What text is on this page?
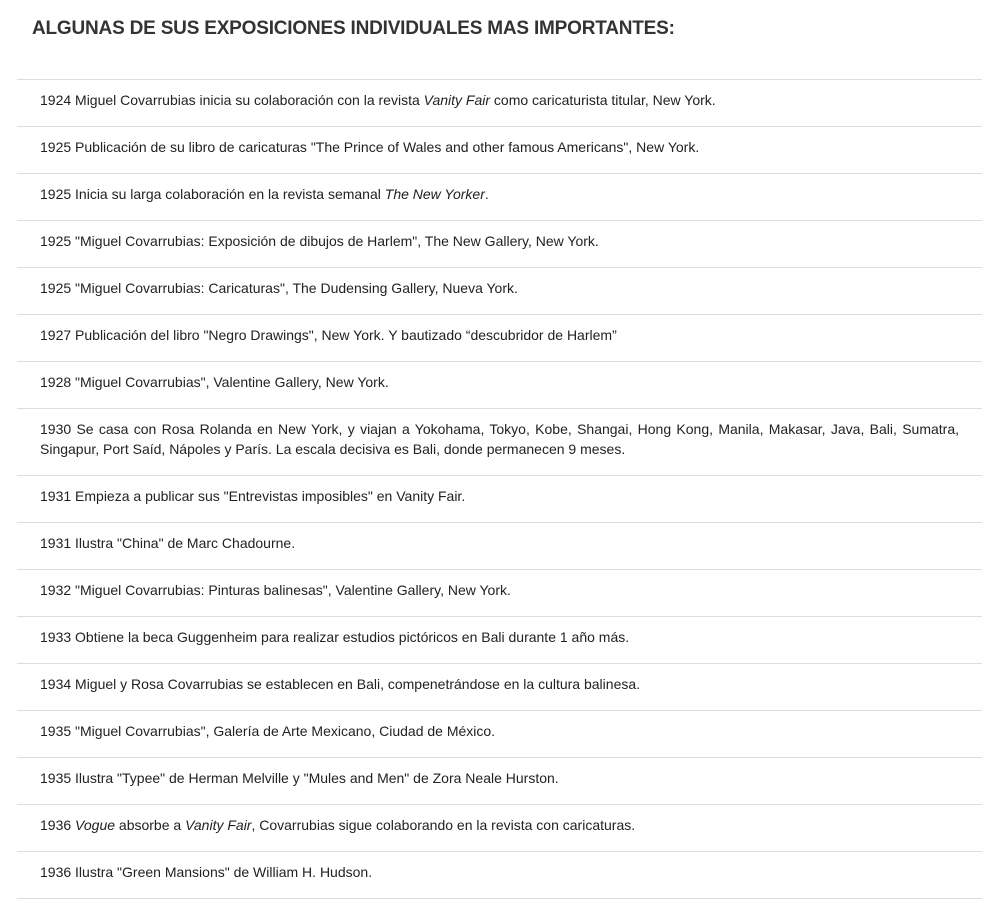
ALGUNAS DE SUS EXPOSICIONES INDIVIDUALES MAS IMPORTANTES:
1924 Miguel Covarrubias inicia su colaboración con la revista Vanity Fair como caricaturista titular, New York.
1925 Publicación de su libro de caricaturas "The Prince of Wales and other famous Americans", New York.
1925 Inicia su larga colaboración en la revista semanal The New Yorker.
1925 "Miguel Covarrubias: Exposición de dibujos de Harlem", The New Gallery, New York.
1925 "Miguel Covarrubias: Caricaturas", The Dudensing Gallery, Nueva York.
1927 Publicación del libro "Negro Drawings", New York. Y bautizado “descubridor de Harlem”
1928 "Miguel Covarrubias", Valentine Gallery, New York.
1930 Se casa con Rosa Rolanda en New York, y viajan a Yokohama, Tokyo, Kobe, Shangai, Hong Kong, Manila, Makasar, Java, Bali, Sumatra, Singapur, Port Saíd, Nápoles y París. La escala decisiva es Bali, donde permanecen 9 meses.
1931 Empieza a publicar sus "Entrevistas imposibles" en Vanity Fair.
1931 Ilustra "China" de Marc Chadourne.
1932 "Miguel Covarrubias: Pinturas balinesas", Valentine Gallery, New York.
1933 Obtiene la beca Guggenheim para realizar estudios pictóricos en Bali durante 1 año más.
1934 Miguel y Rosa Covarrubias se establecen en Bali, compenetrándose en la cultura balinesa.
1935 "Miguel Covarrubias", Galería de Arte Mexicano, Ciudad de México.
1935 Ilustra "Typee" de Herman Melville y "Mules and Men" de Zora Neale Hurston.
1936 Vogue absorbe a Vanity Fair, Covarrubias sigue colaborando en la revista con caricaturas.
1936 Ilustra "Green Mansions" de William H. Hudson.
